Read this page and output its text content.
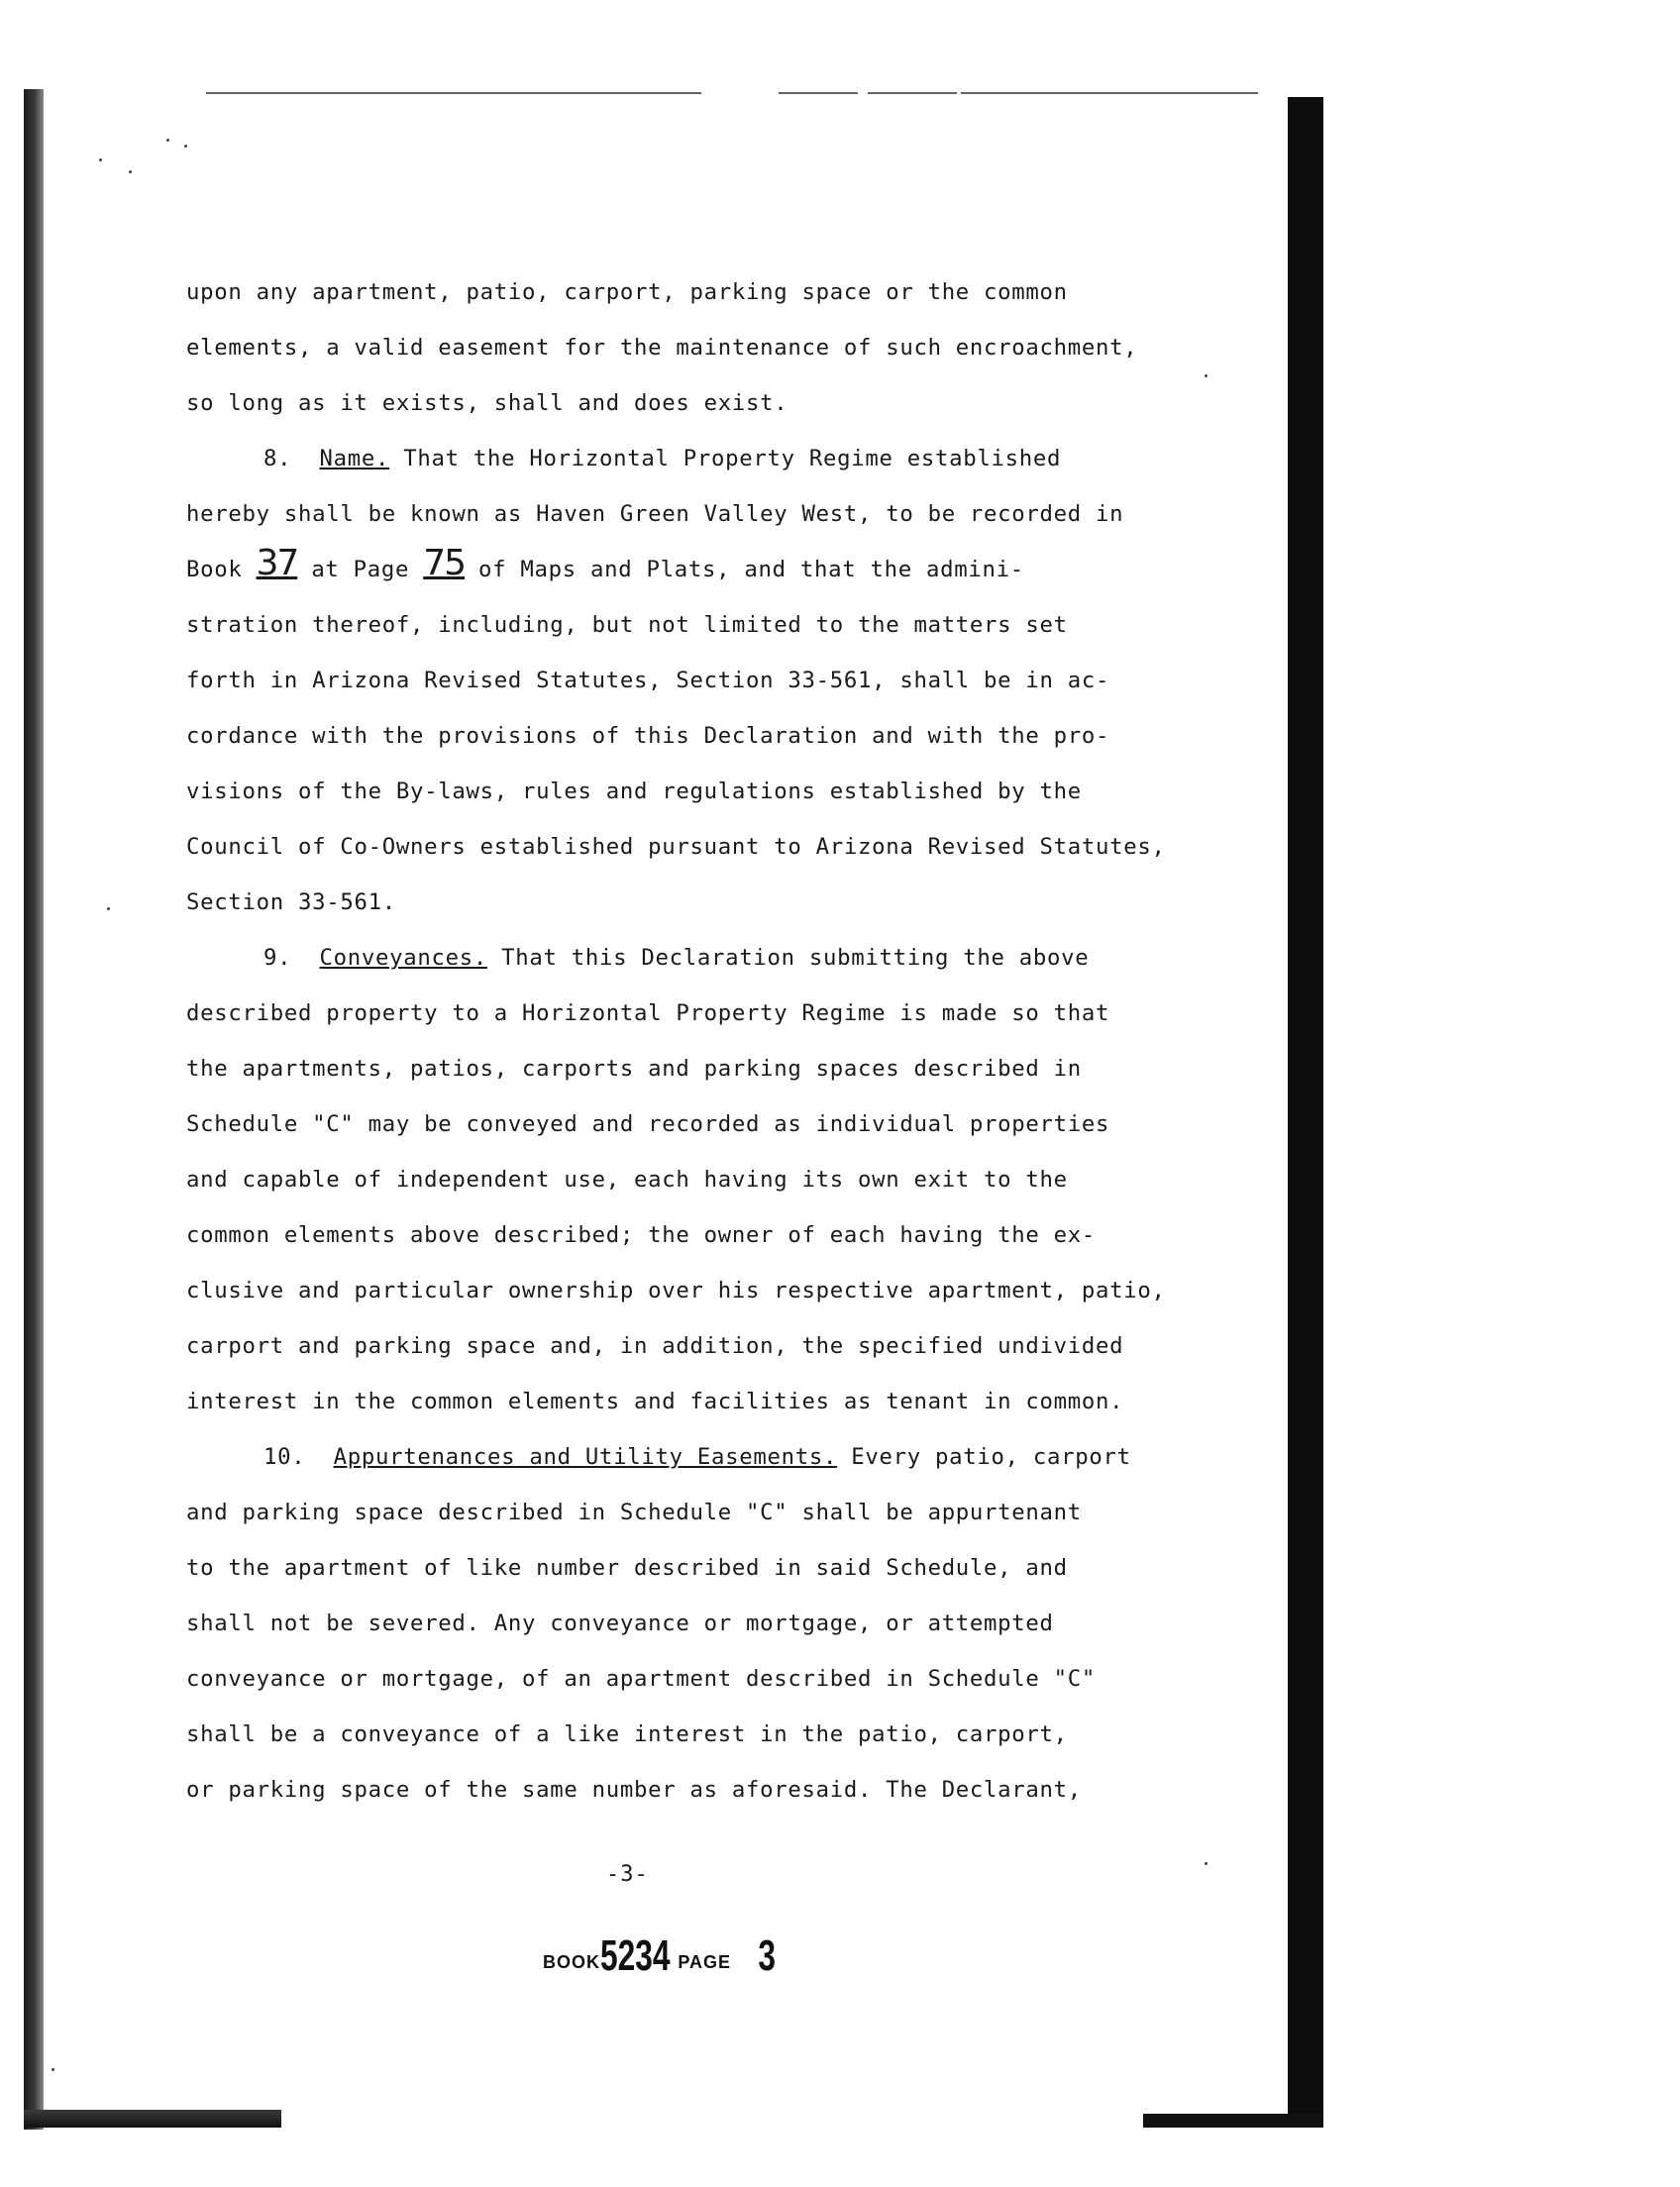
upon any apartment, patio, carport, parking space or the common
elements, a valid easement for the maintenance of such encroachment,
so long as it exists, shall and does exist.
8. Name. That the Horizontal Property Regime established
hereby shall be known as Haven Green Valley West, to be recorded in
Book 37 at Page 75 of Maps and Plats, and that the admini-
stration thereof, including, but not limited to the matters set
forth in Arizona Revised Statutes, Section 33-561, shall be in ac-
cordance with the provisions of this Declaration and with the pro-
visions of the By-laws, rules and regulations established by the
Council of Co-Owners established pursuant to Arizona Revised Statutes,
Section 33-561.
9. Conveyances. That this Declaration submitting the above
described property to a Horizontal Property Regime is made so that
the apartments, patios, carports and parking spaces described in
Schedule "C" may be conveyed and recorded as individual properties
and capable of independent use, each having its own exit to the
common elements above described; the owner of each having the ex-
clusive and particular ownership over his respective apartment, patio,
carport and parking space and, in addition, the specified undivided
interest in the common elements and facilities as tenant in common.
10. Appurtenances and Utility Easements. Every patio, carport
and parking space described in Schedule "C" shall be appurtenant
to the apartment of like number described in said Schedule, and
shall not be severed. Any conveyance or mortgage, or attempted
conveyance or mortgage, of an apartment described in Schedule "C"
shall be a conveyance of a like interest in the patio, carport,
or parking space of the same number as aforesaid. The Declarant,
-3-
BOOK5234 PAGE 3
